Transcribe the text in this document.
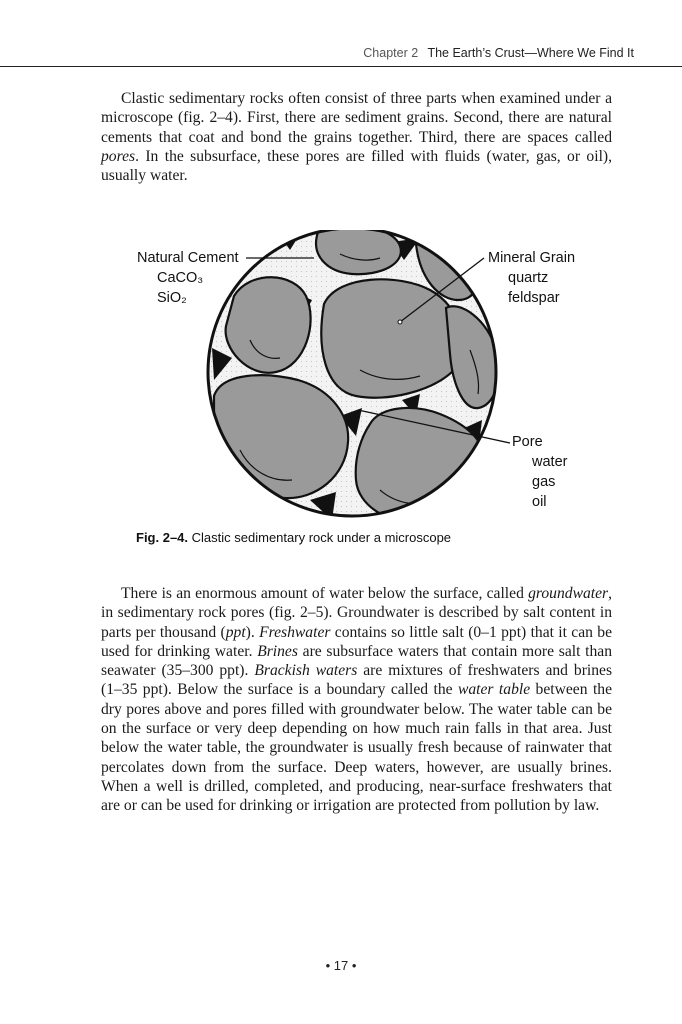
Chapter 2 The Earth’s Crust—Where We Find It

Clastic sedimentary rocks often consist of three parts when examined under a microscope (fig. 2–4). First, there are sediment grains. Second, there are natural cements that coat and bond the grains together. Third, there are spaces called pores. In the subsurface, these pores are filled with fluids (water, gas, or oil), usually water.

Natural Cement
CaCO₃
SiO₂
Mineral Grain
quartz
feldspar
Pore
water
gas
oil
Fig. 2–4. Clastic sedimentary rock under a microscope

There is an enormous amount of water below the surface, called groundwater, in sedimentary rock pores (fig. 2–5). Groundwater is described by salt content in parts per thousand (ppt). Freshwater contains so little salt (0–1 ppt) that it can be used for drinking water. Brines are subsurface waters that contain more salt than seawater (35–300 ppt). Brackish waters are mixtures of freshwaters and brines (1–35 ppt). Below the surface is a boundary called the water table between the dry pores above and pores filled with groundwater below. The water table can be on the surface or very deep depending on how much rain falls in that area. Just below the water table, the groundwater is usually fresh because of rainwater that percolates down from the surface. Deep waters, however, are usually brines. When a well is drilled, completed, and producing, near-surface freshwaters that are or can be used for drinking or irrigation are protected from pollution by law.

• 17 •
